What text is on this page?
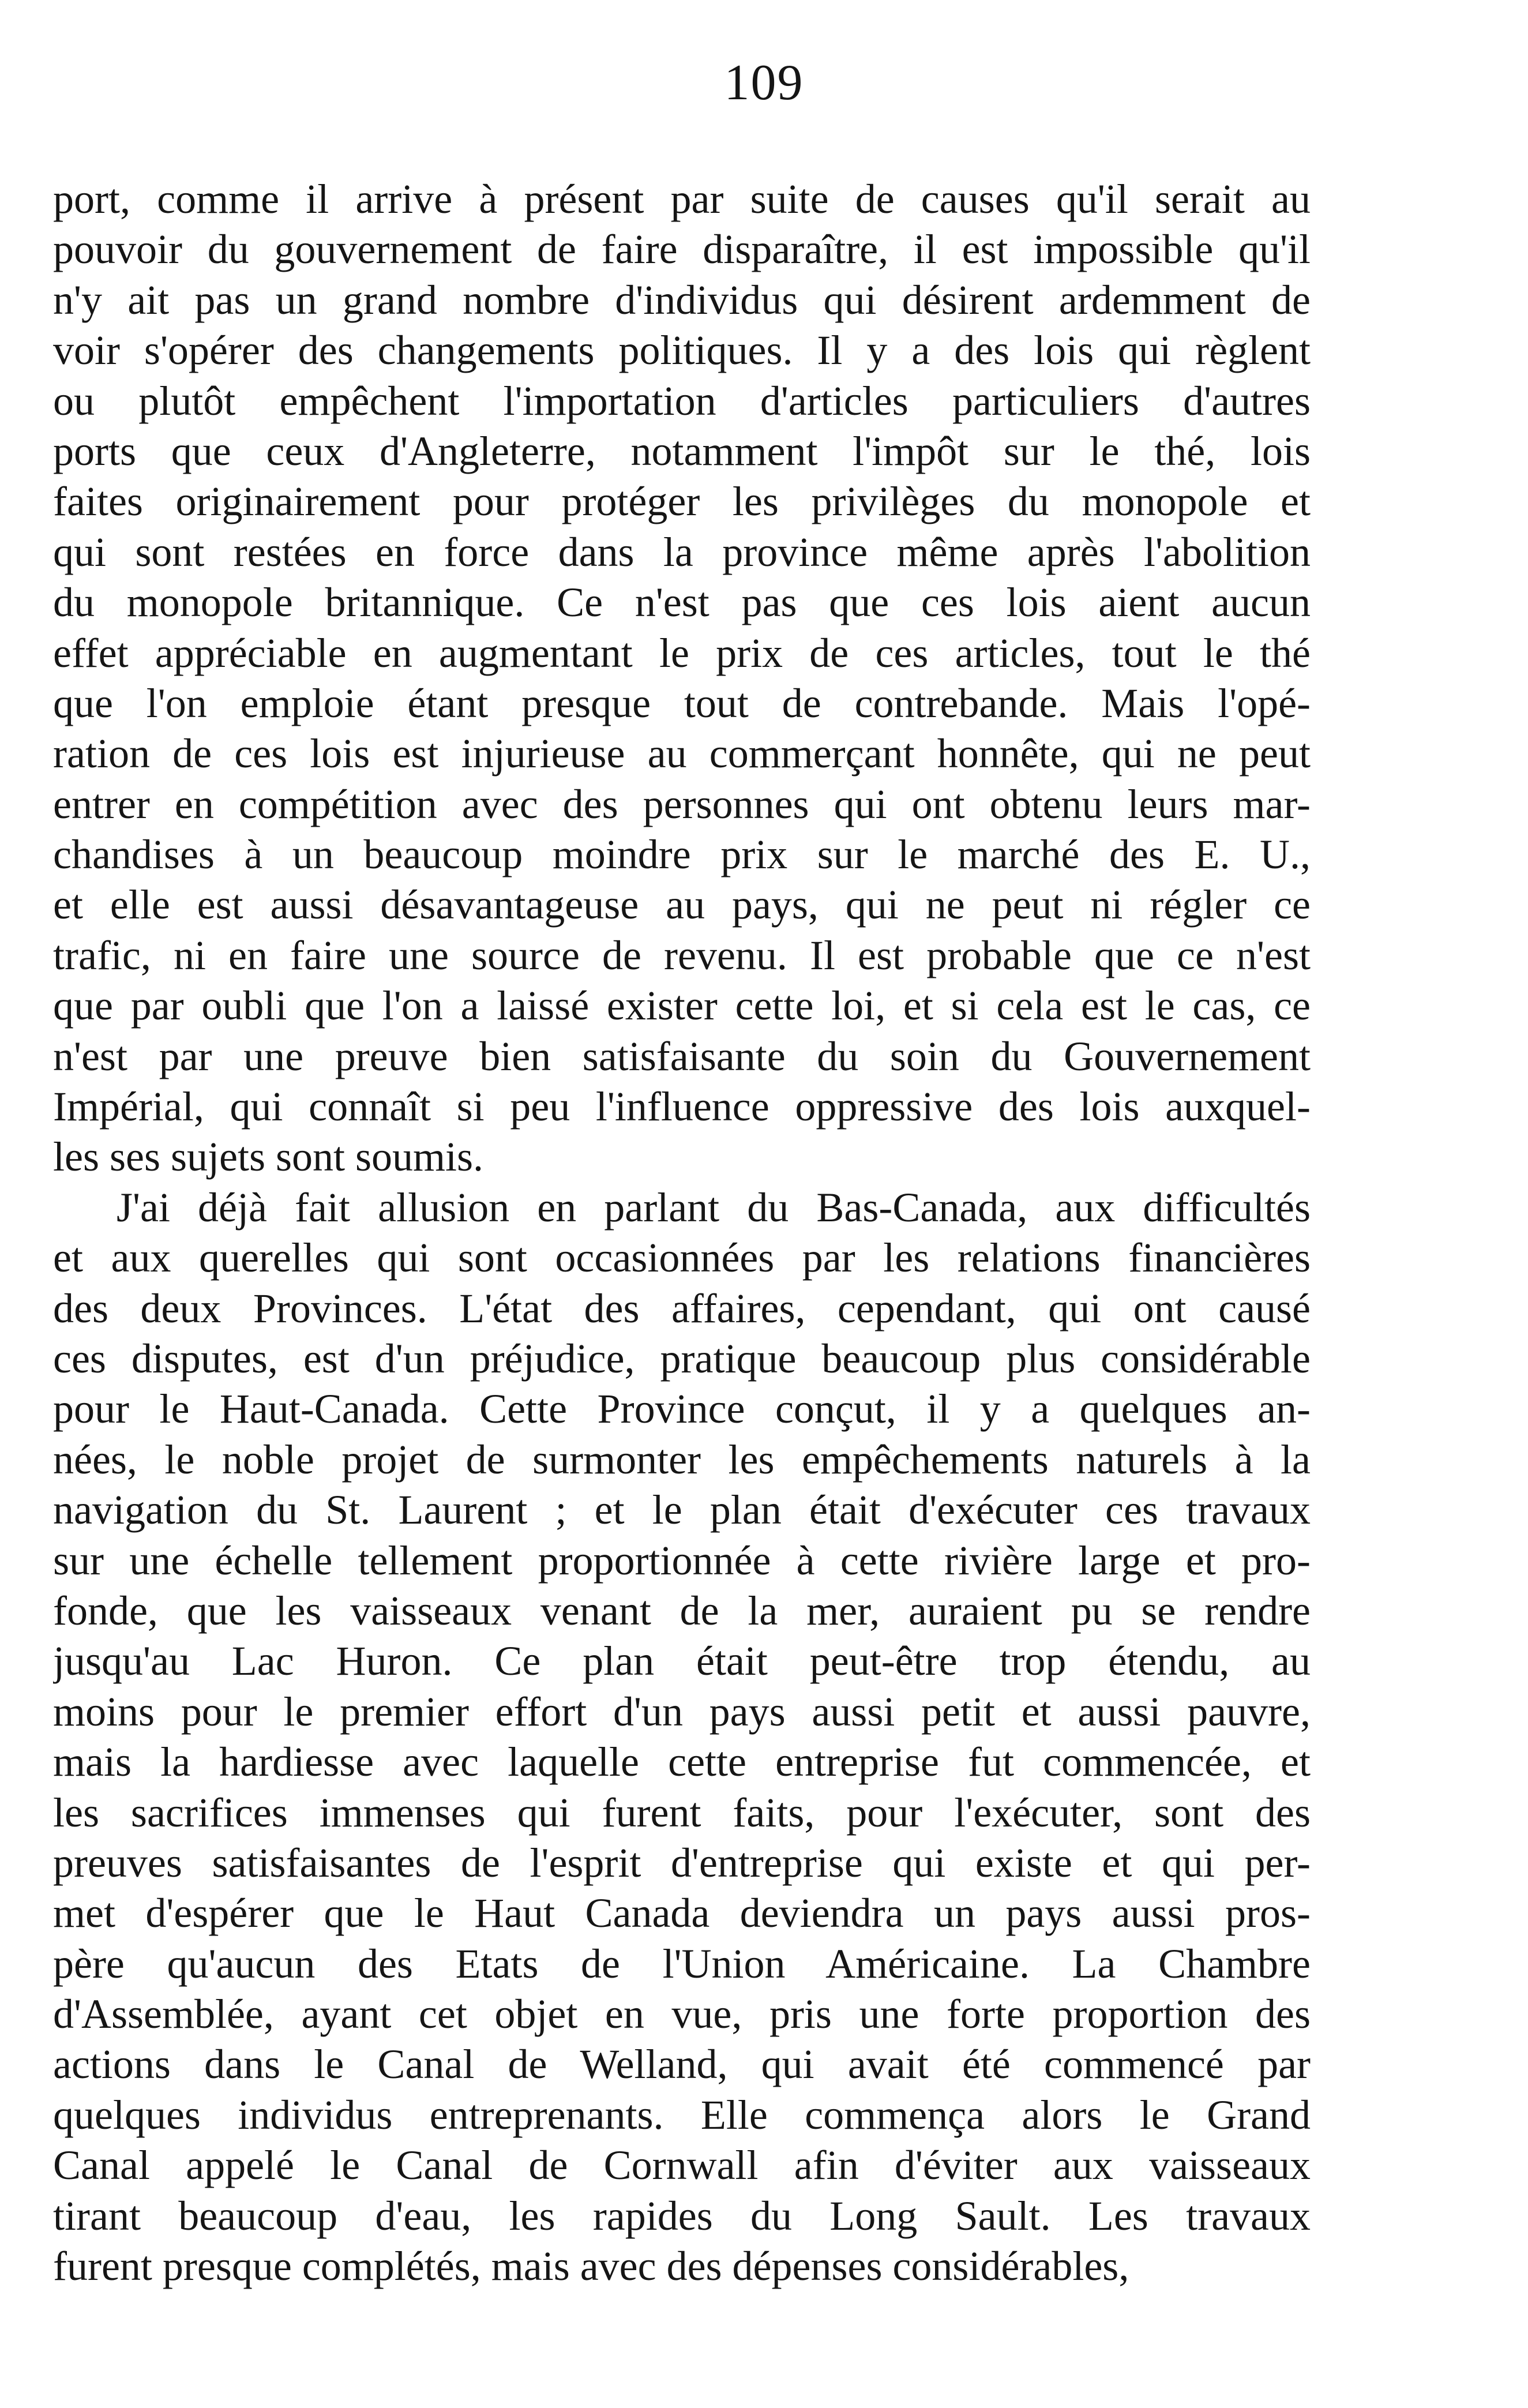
109
port, comme il arrive à présent par suite de causes qu'il serait au
pouvoir du gouvernement de faire disparaître, il est impossible qu'il
n'y ait pas un grand nombre d'individus qui désirent ardemment de
voir s'opérer des changements politiques. Il y a des lois qui règlent
ou plutôt empêchent l'importation d'articles particuliers d'autres
ports que ceux d'Angleterre, notamment l'impôt sur le thé, lois
faites originairement pour protéger les privilèges du monopole et
qui sont restées en force dans la province même après l'abolition
du monopole britannique. Ce n'est pas que ces lois aient aucun
effet appréciable en augmentant le prix de ces articles, tout le thé
que l'on emploie étant presque tout de contrebande. Mais l'opé-
ration de ces lois est injurieuse au commerçant honnête, qui ne peut
entrer en compétition avec des personnes qui ont obtenu leurs mar-
chandises à un beaucoup moindre prix sur le marché des E. U.,
et elle est aussi désavantageuse au pays, qui ne peut ni régler ce
trafic, ni en faire une source de revenu. Il est probable que ce n'est
que par oubli que l'on a laissé exister cette loi, et si cela est le cas, ce
n'est par une preuve bien satisfaisante du soin du Gouvernement
Impérial, qui connaît si peu l'influence oppressive des lois auxquel-
les ses sujets sont soumis.
J'ai déjà fait allusion en parlant du Bas-Canada, aux difficultés
et aux querelles qui sont occasionnées par les relations financières
des deux Provinces. L'état des affaires, cependant, qui ont causé
ces disputes, est d'un préjudice, pratique beaucoup plus considérable
pour le Haut-Canada. Cette Province conçut, il y a quelques an-
nées, le noble projet de surmonter les empêchements naturels à la
navigation du St. Laurent ; et le plan était d'exécuter ces travaux
sur une échelle tellement proportionnée à cette rivière large et pro-
fonde, que les vaisseaux venant de la mer, auraient pu se rendre
jusqu'au Lac Huron. Ce plan était peut-être trop étendu, au
moins pour le premier effort d'un pays aussi petit et aussi pauvre,
mais la hardiesse avec laquelle cette entreprise fut commencée, et
les sacrifices immenses qui furent faits, pour l'exécuter, sont des
preuves satisfaisantes de l'esprit d'entreprise qui existe et qui per-
met d'espérer que le Haut Canada deviendra un pays aussi pros-
père qu'aucun des Etats de l'Union Américaine. La Chambre
d'Assemblée, ayant cet objet en vue, pris une forte proportion des
actions dans le Canal de Welland, qui avait été commencé par
quelques individus entreprenants. Elle commença alors le Grand
Canal appelé le Canal de Cornwall afin d'éviter aux vaisseaux
tirant beaucoup d'eau, les rapides du Long Sault. Les travaux
furent presque complétés, mais avec des dépenses considérables,
